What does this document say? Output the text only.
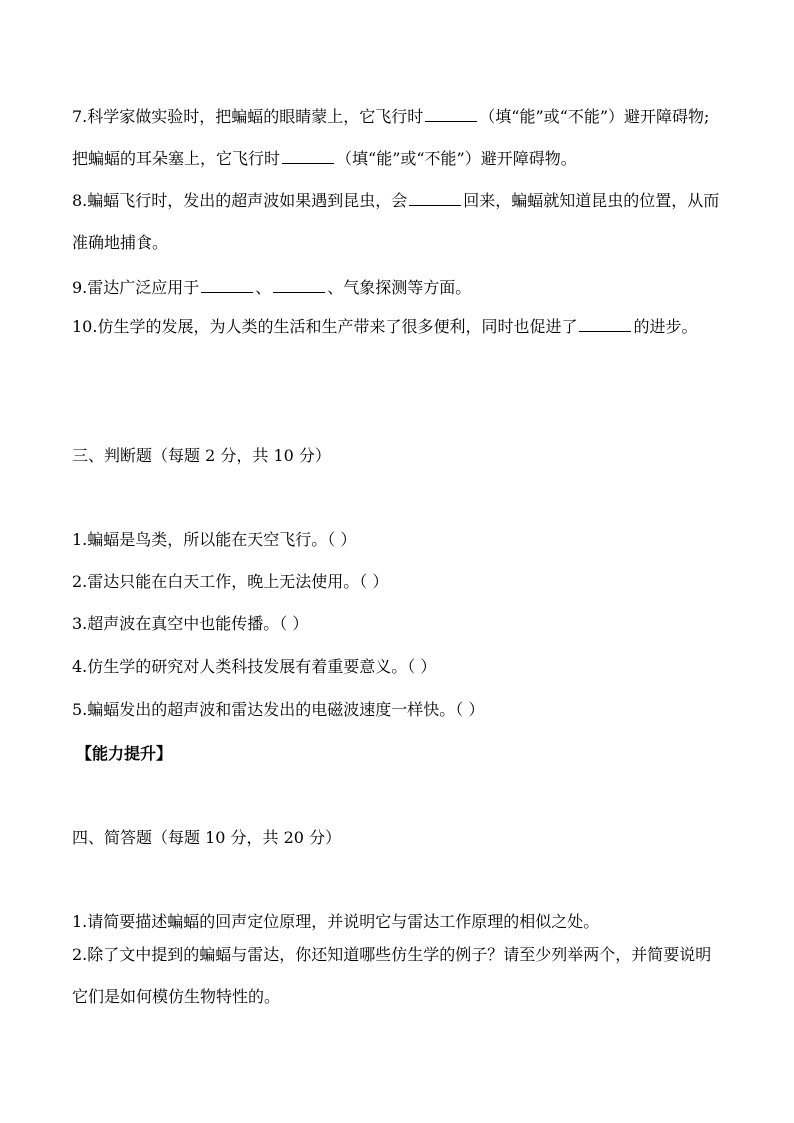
7.科学家做实验时，把蝙蝠的眼睛蒙上，它飞行时	（填“能”或“不能”）避开障碍物; 把蝙蝠的耳朵塞上，它飞行时	（填“能”或“不能”）避开障碍物。
8.蝙蝠飞行时，发出的超声波如果遇到昆虫，会	回来，蝙蝠就知道昆虫的位置，从而准确地捕食。
9.雷达广泛应用于	、	、气象探测等方面。
10.仿生学的发展，为人类的生活和生产带来了很多便利，同时也促进了	的进步。
三、判断题（每题 2 分，共 10 分）
1.蝙蝠是鸟类，所以能在天空飞行。（ ）
2.雷达只能在白天工作，晚上无法使用。（ ）
3.超声波在真空中也能传播。（ ）
4.仿生学的研究对人类科技发展有着重要意义。（ ）
5.蝙蝠发出的超声波和雷达发出的电磁波速度一样快。（ ）
【能力提升】
四、简答题（每题 10 分，共 20 分）
1.请简要描述蝙蝠的回声定位原理，并说明它与雷达工作原理的相似之处。
2.除了文中提到的蝙蝠与雷达，你还知道哪些仿生学的例子？请至少列举两个，并简要说明它们是如何模仿生物特性的。
